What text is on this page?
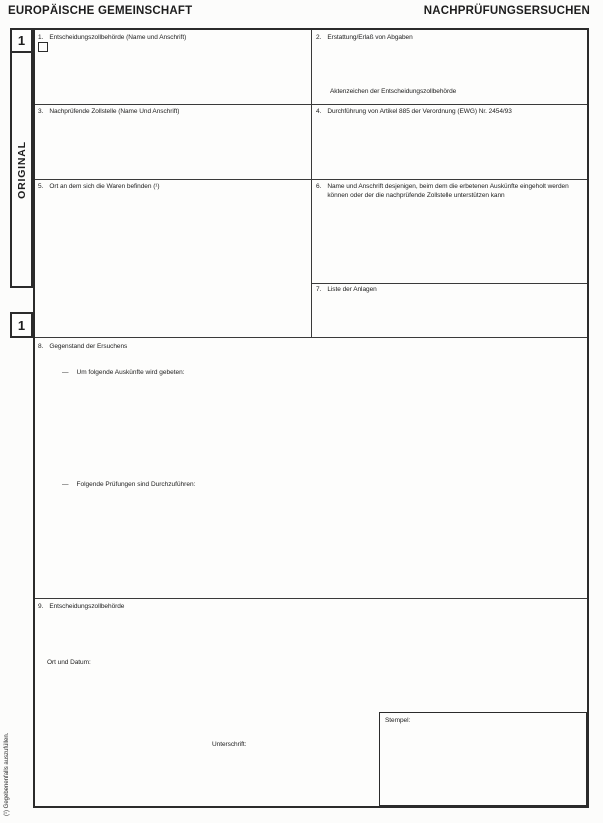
EUROPÄISCHE GEMEINSCHAFT	NACHPRÜFUNGSERSUCHEN
1
ORIGINAL
1
1. Entscheidungszollbehörde (Name und Anschrift)	2. Erstattung/Erlaß von Abgaben
Aktenzeichen der Entscheidungszollbehörde
3. Nachprüfende Zollstelle (Name Und Anschrift)	4. Durchführung von Artikel 885 der Verordnung (EWG) Nr. 2454/93
5. Ort an dem sich die Waren befinden (¹)	6. Name und Anschrift desjenigen, beim dem die erbetenen Auskünfte eingeholt werden können oder der die nachprüfende Zollstelle unterstützen kann
7. Liste der Anlagen
8. Gegenstand der Ersuchens
— Um folgende Auskünfte wird gebeten:
— Folgende Prüfungen sind Durchzuführen:
9. Entscheidungszollbehörde
Ort und Datum:
Unterschrift:
Stempel:
(¹) Gegebenenfalls auszufüllen.
